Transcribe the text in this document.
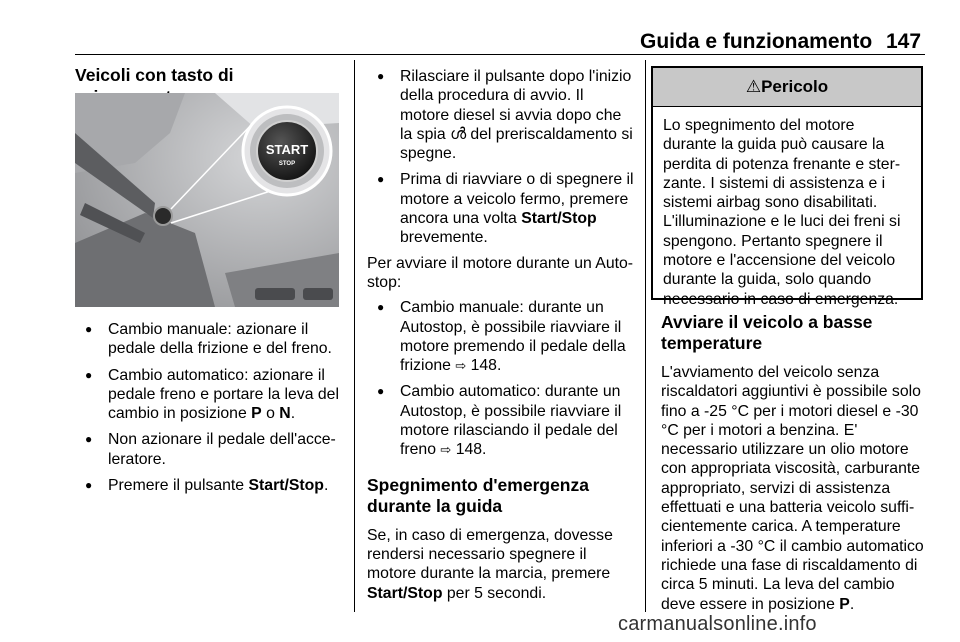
Guida e funzionamento 147

Veicoli con tasto di

START
STOP
● Cambio manuale: azionare il pedale della frizione e del freno.
● Cambio automatico: azionare il pedale freno e portare la leva del cambio in posizione P o N.
● Non azionare il pedale dell'acce-leratore.
● Premere il pulsante Start/Stop.
● Rilasciare il pulsante dopo l'inizio della procedura di avvio. Il motore diesel si avvia dopo che la spia ൾ del preriscaldamento si spegne.
● Prima di riavviare o di spegnere il motore a veicolo fermo, premere ancora una volta Start/Stop brevemente.

Per avviare il motore durante un Auto-stop:

● Cambio manuale: durante un Autostop, è possibile riavviare il motore premendo il pedale della frizione ⇨ 148.
● Cambio automatico: durante un Autostop, è possibile riavviare il motore rilasciando il pedale del freno ⇨ 148.

Spegnimento d'emergenza durante la guida

Se, in caso di emergenza, dovesse rendersi necessario spegnere il motore durante la marcia, premere Start/Stop per 5 secondi.

⚠Pericolo
Lo spegnimento del motore durante la guida può causare la perdita di potenza frenante e ster-zante. I sistemi di assistenza e i sistemi airbag sono disabilitati. L'illuminazione e le luci dei freni si spengono. Pertanto spegnere il motore e l'accensione del veicolo durante la guida, solo quando necessario in caso di emergenza.

Avviare il veicolo a basse temperature

L'avviamento del veicolo senza riscaldatori aggiuntivi è possibile solo fino a -25 °C per i motori diesel e -30 °C per i motori a benzina. E' necessario utilizzare un olio motore con appropriata viscosità, carburante appropriato, servizi di assistenza effettuati e una batteria veicolo suffi-cientemente carica. A temperature inferiori a -30 °C il cambio automatico richiede una fase di riscaldamento di circa 5 minuti. La leva del cambio deve essere in posizione P.

carmanualsonline.info
